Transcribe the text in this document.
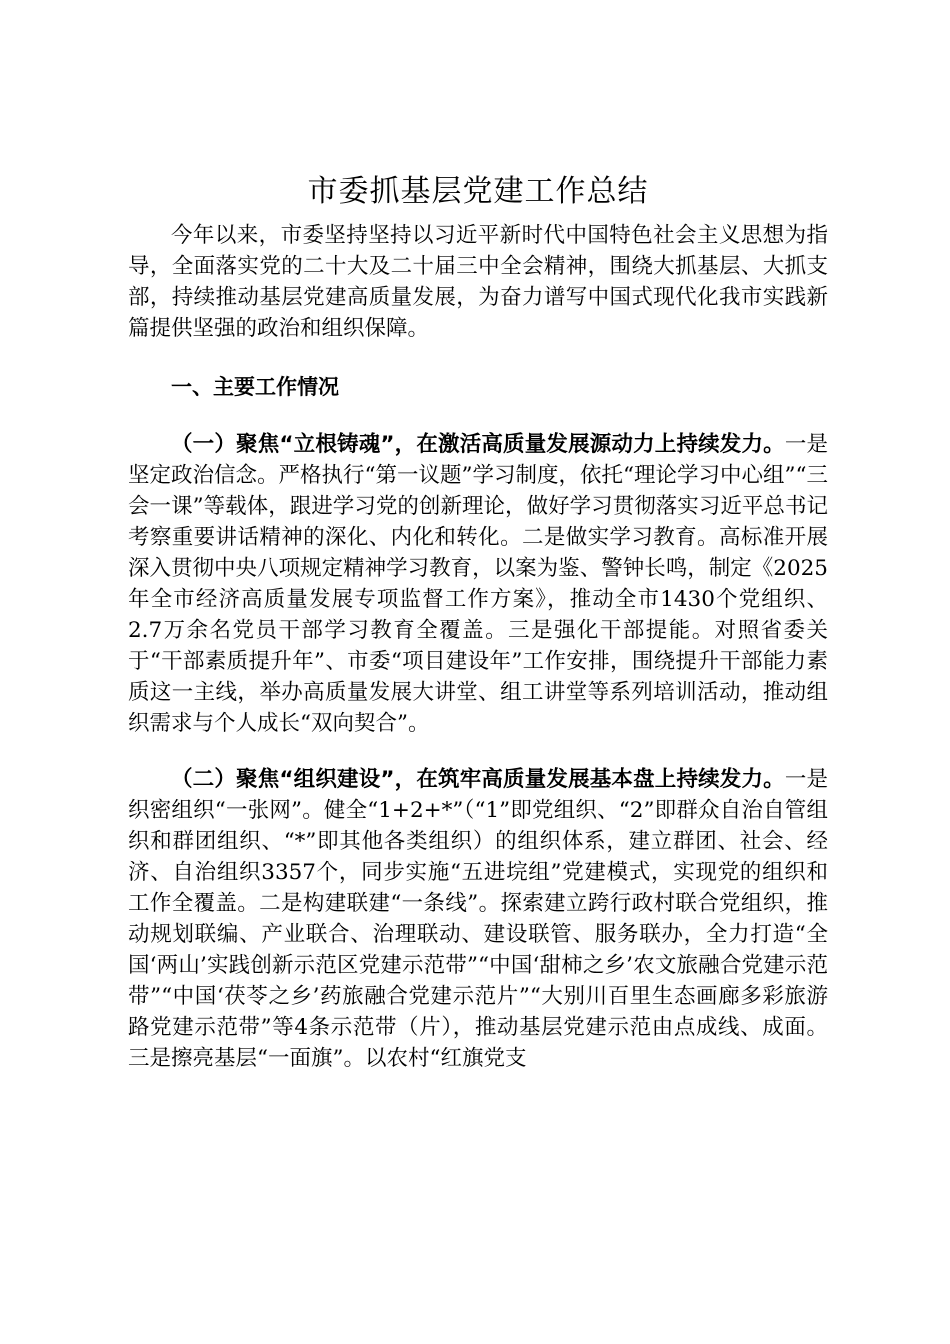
市委抓基层党建工作总结

今年以来，市委坚持坚持以习近平新时代中国特色社会主义思想为指导，全面落实党的二十大及二十届三中全会精神，围绕大抓基层、大抓支部，持续推动基层党建高质量发展，为奋力谱写中国式现代化我市实践新篇提供坚强的政治和组织保障。

一、主要工作情况

（一）聚焦“立根铸魂”，在激活高质量发展源动力上持续发力。一是坚定政治信念。严格执行“第一议题”学习制度，依托“理论学习中心组”“三会一课”等载体，跟进学习党的创新理论，做好学习贯彻落实习近平总书记考察重要讲话精神的深化、内化和转化。二是做实学习教育。高标准开展深入贯彻中央八项规定精神学习教育，以案为鉴、警钟长鸣，制定《2025年全市经济高质量发展专项监督工作方案》，推动全市1430个党组织、2.7万余名党员干部学习教育全覆盖。三是强化干部提能。对照省委关于“干部素质提升年”、市委“项目建设年”工作安排，围绕提升干部能力素质这一主线，举办高质量发展大讲堂、组工讲堂等系列培训活动，推动组织需求与个人成长“双向契合”。

（二）聚焦“组织建设”，在筑牢高质量发展基本盘上持续发力。一是织密组织“一张网”。健全“1+2+*”（“1”即党组织、“2”即群众自治自管组织和群团组织、“*”即其他各类组织）的组织体系，建立群团、社会、经济、自治组织3357个，同步实施“五进垸组”党建模式，实现党的组织和工作全覆盖。二是构建联建“一条线”。探索建立跨行政村联合党组织，推动规划联编、产业联合、治理联动、建设联管、服务联办，全力打造“全国‘两山’实践创新示范区党建示范带”“中国‘甜柿之乡’农文旅融合党建示范带”“中国‘茯苓之乡’药旅融合党建示范片”“大别川百里生态画廊多彩旅游路党建示范带”等4条示范带（片），推动基层党建示范由点成线、成面。三是擦亮基层“一面旗”。以农村“红旗党支
